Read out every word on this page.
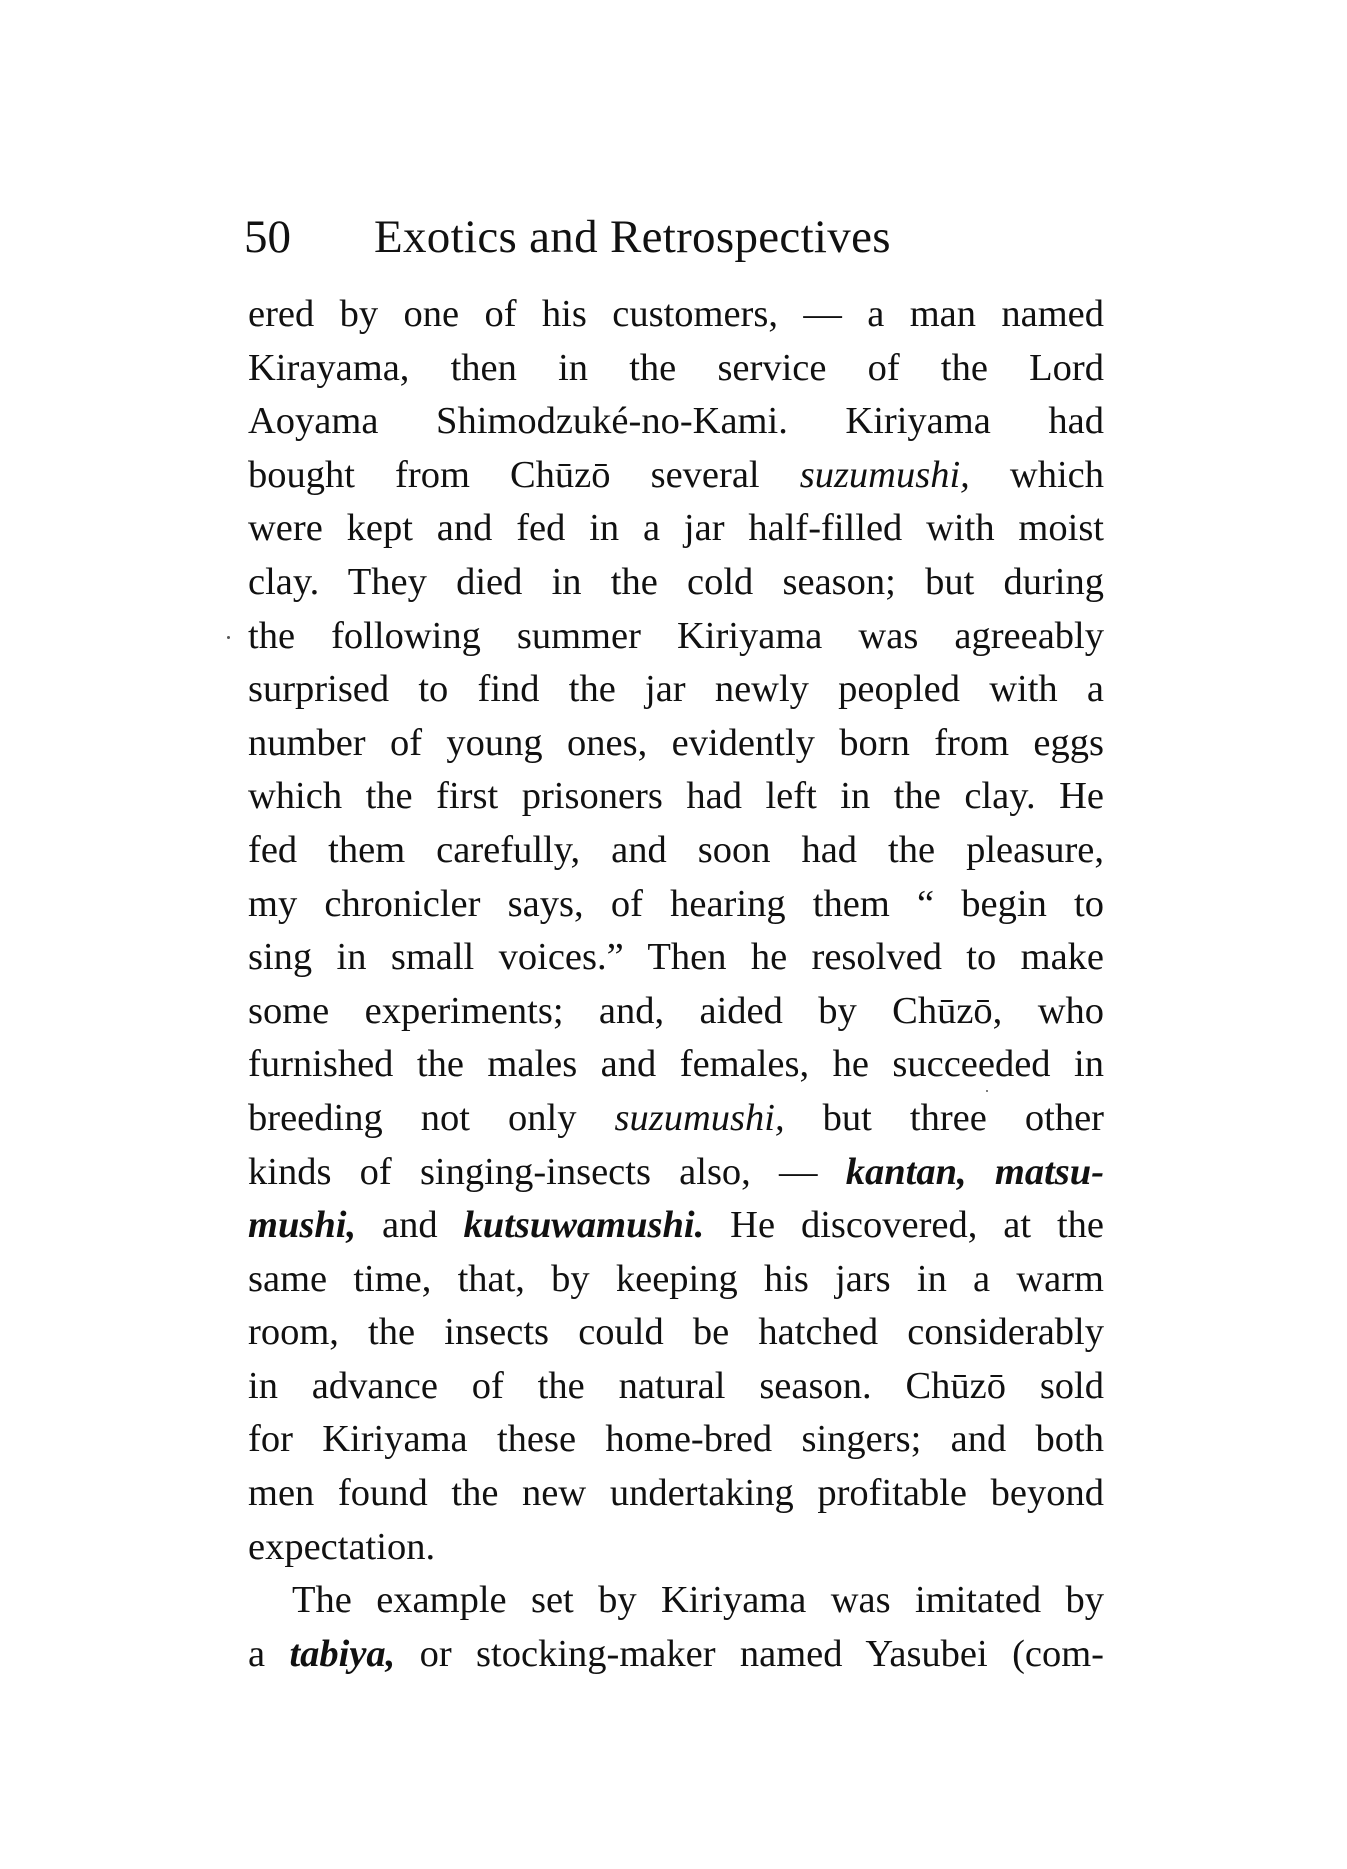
50 Exotics and Retrospectives
ered by one of his customers, — a man named
Kirayama, then in the service of the Lord
Aoyama Shimodzuké-no-Kami. Kiriyama had
bought from Chūzō several suzumushi, which
were kept and fed in a jar half-filled with moist
clay. They died in the cold season; but during
the following summer Kiriyama was agreeably
surprised to find the jar newly peopled with a
number of young ones, evidently born from eggs
which the first prisoners had left in the clay. He
fed them carefully, and soon had the pleasure,
my chronicler says, of hearing them “ begin to
sing in small voices.” Then he resolved to make
some experiments; and, aided by Chūzō, who
furnished the males and females, he succeeded in
breeding not only suzumushi, but three other
kinds of singing-insects also, — kantan, matsu-
mushi, and kutsuwamushi. He discovered, at the
same time, that, by keeping his jars in a warm
room, the insects could be hatched considerably
in advance of the natural season. Chūzō sold
for Kiriyama these home-bred singers; and both
men found the new undertaking profitable beyond
expectation.
The example set by Kiriyama was imitated by
a tabiya, or stocking-maker named Yasubei (com-
